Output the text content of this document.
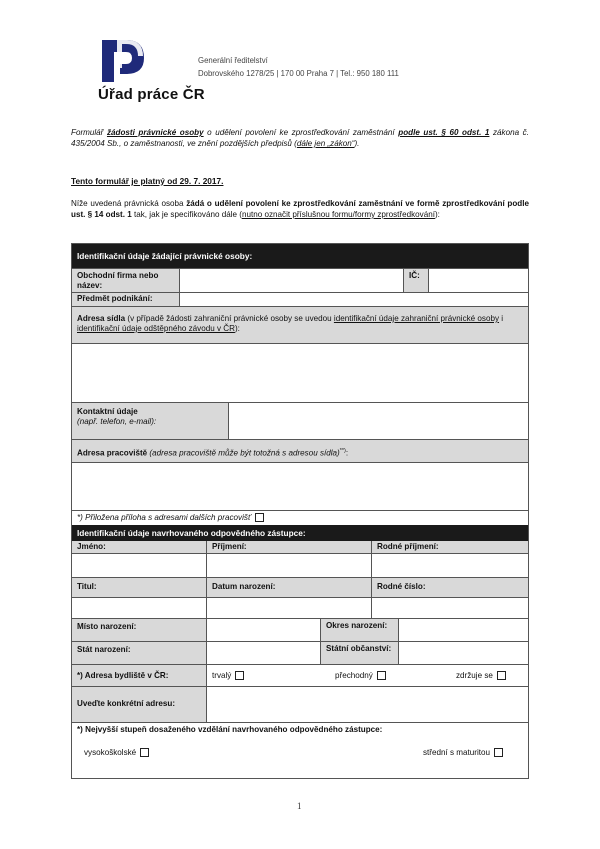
Úřad práce ČR
Generální ředitelství
Dobrovského 1278/25 | 170 00 Praha 7 | Tel.: 950 180 111
Formulář žádosti právnické osoby o udělení povolení ke zprostředkování zaměstnání podle ust. § 60 odst. 1 zákona č. 435/2004 Sb., o zaměstnanosti, ve znění pozdějších předpisů (dále jen „zákon“).
Tento formulář je platný od 29. 7. 2017.
Níže uvedená právnická osoba žádá o udělení povolení ke zprostředkování zaměstnání ve formě zprostředkování podle ust. § 14 odst. 1 tak, jak je specifikováno dále (nutno označit příslušnou formu/formy zprostředkování):
Identifikační údaje žádající právnické osoby:
Obchodní firma nebo název:
IČ:
Předmět podnikání:
Adresa sídla (v případě žádosti zahraniční právnické osoby se uvedou identifikační údaje zahraniční právnické osoby i identifikační údaje odštěpného závodu v ČR):
Kontaktní údaje
(např. telefon, e-mail):
Adresa pracoviště (adresa pracoviště může být totožná s adresou sídla)**):
*) Přiložena příloha s adresami dalších pracovišť
Identifikační údaje navrhovaného odpovědného zástupce:
Jméno:	Příjmení:	Rodné příjmení:
Titul:	Datum narození:	Rodné číslo:
Místo narození:	Okres narození:
Stát narození:	Státní občanství:
*) Adresa bydliště v ČR:	trvalý	přechodný	zdržuje se
Uveďte konkrétní adresu:
*) Nejvyšší stupeň dosaženého vzdělání navrhovaného odpovědného zástupce:
vysokoškolské	střední s maturitou
1
